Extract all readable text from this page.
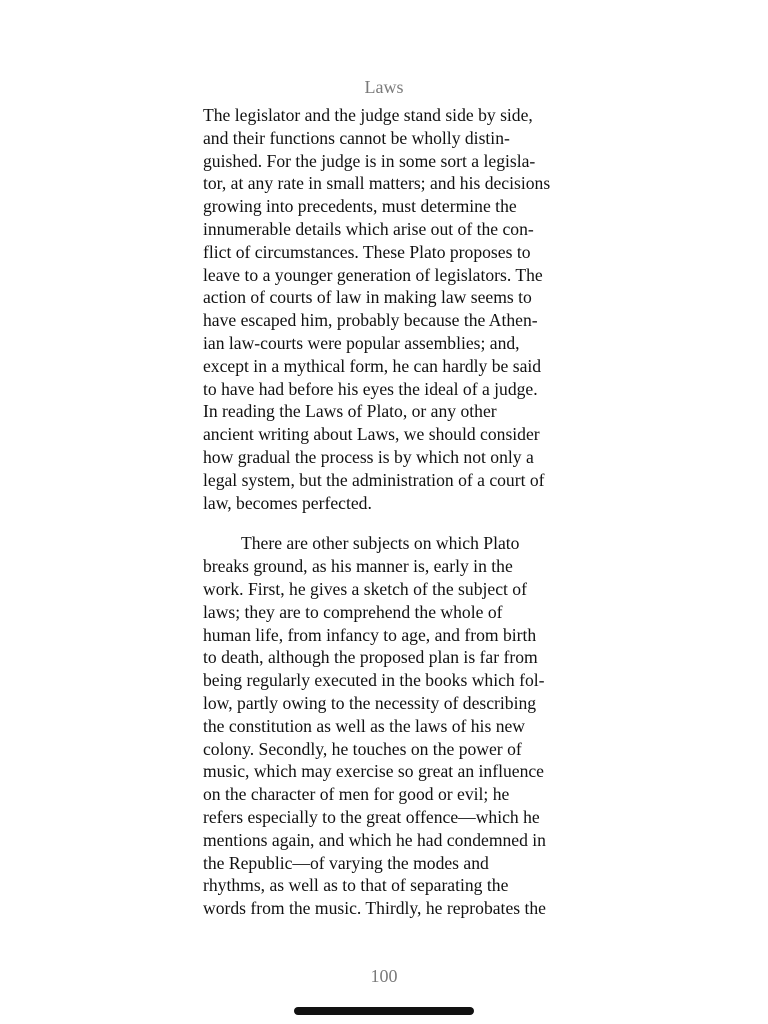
Laws

The legislator and the judge stand side by side,
and their functions cannot be wholly distin-
guished. For the judge is in some sort a legisla-
tor, at any rate in small matters; and his decisions
growing into precedents, must determine the
innumerable details which arise out of the con-
flict of circumstances. These Plato proposes to
leave to a younger generation of legislators. The
action of courts of law in making law seems to
have escaped him, probably because the Athen-
ian law-courts were popular assemblies; and,
except in a mythical form, he can hardly be said
to have had before his eyes the ideal of a judge.
In reading the Laws of Plato, or any other
ancient writing about Laws, we should consider
how gradual the process is by which not only a
legal system, but the administration of a court of
law, becomes perfected.

There are other subjects on which Plato
breaks ground, as his manner is, early in the
work. First, he gives a sketch of the subject of
laws; they are to comprehend the whole of
human life, from infancy to age, and from birth
to death, although the proposed plan is far from
being regularly executed in the books which fol-
low, partly owing to the necessity of describing
the constitution as well as the laws of his new
colony. Secondly, he touches on the power of
music, which may exercise so great an influence
on the character of men for good or evil; he
refers especially to the great offence—which he
mentions again, and which he had condemned in
the Republic—of varying the modes and
rhythms, as well as to that of separating the
words from the music. Thirdly, he reprobates the

100
